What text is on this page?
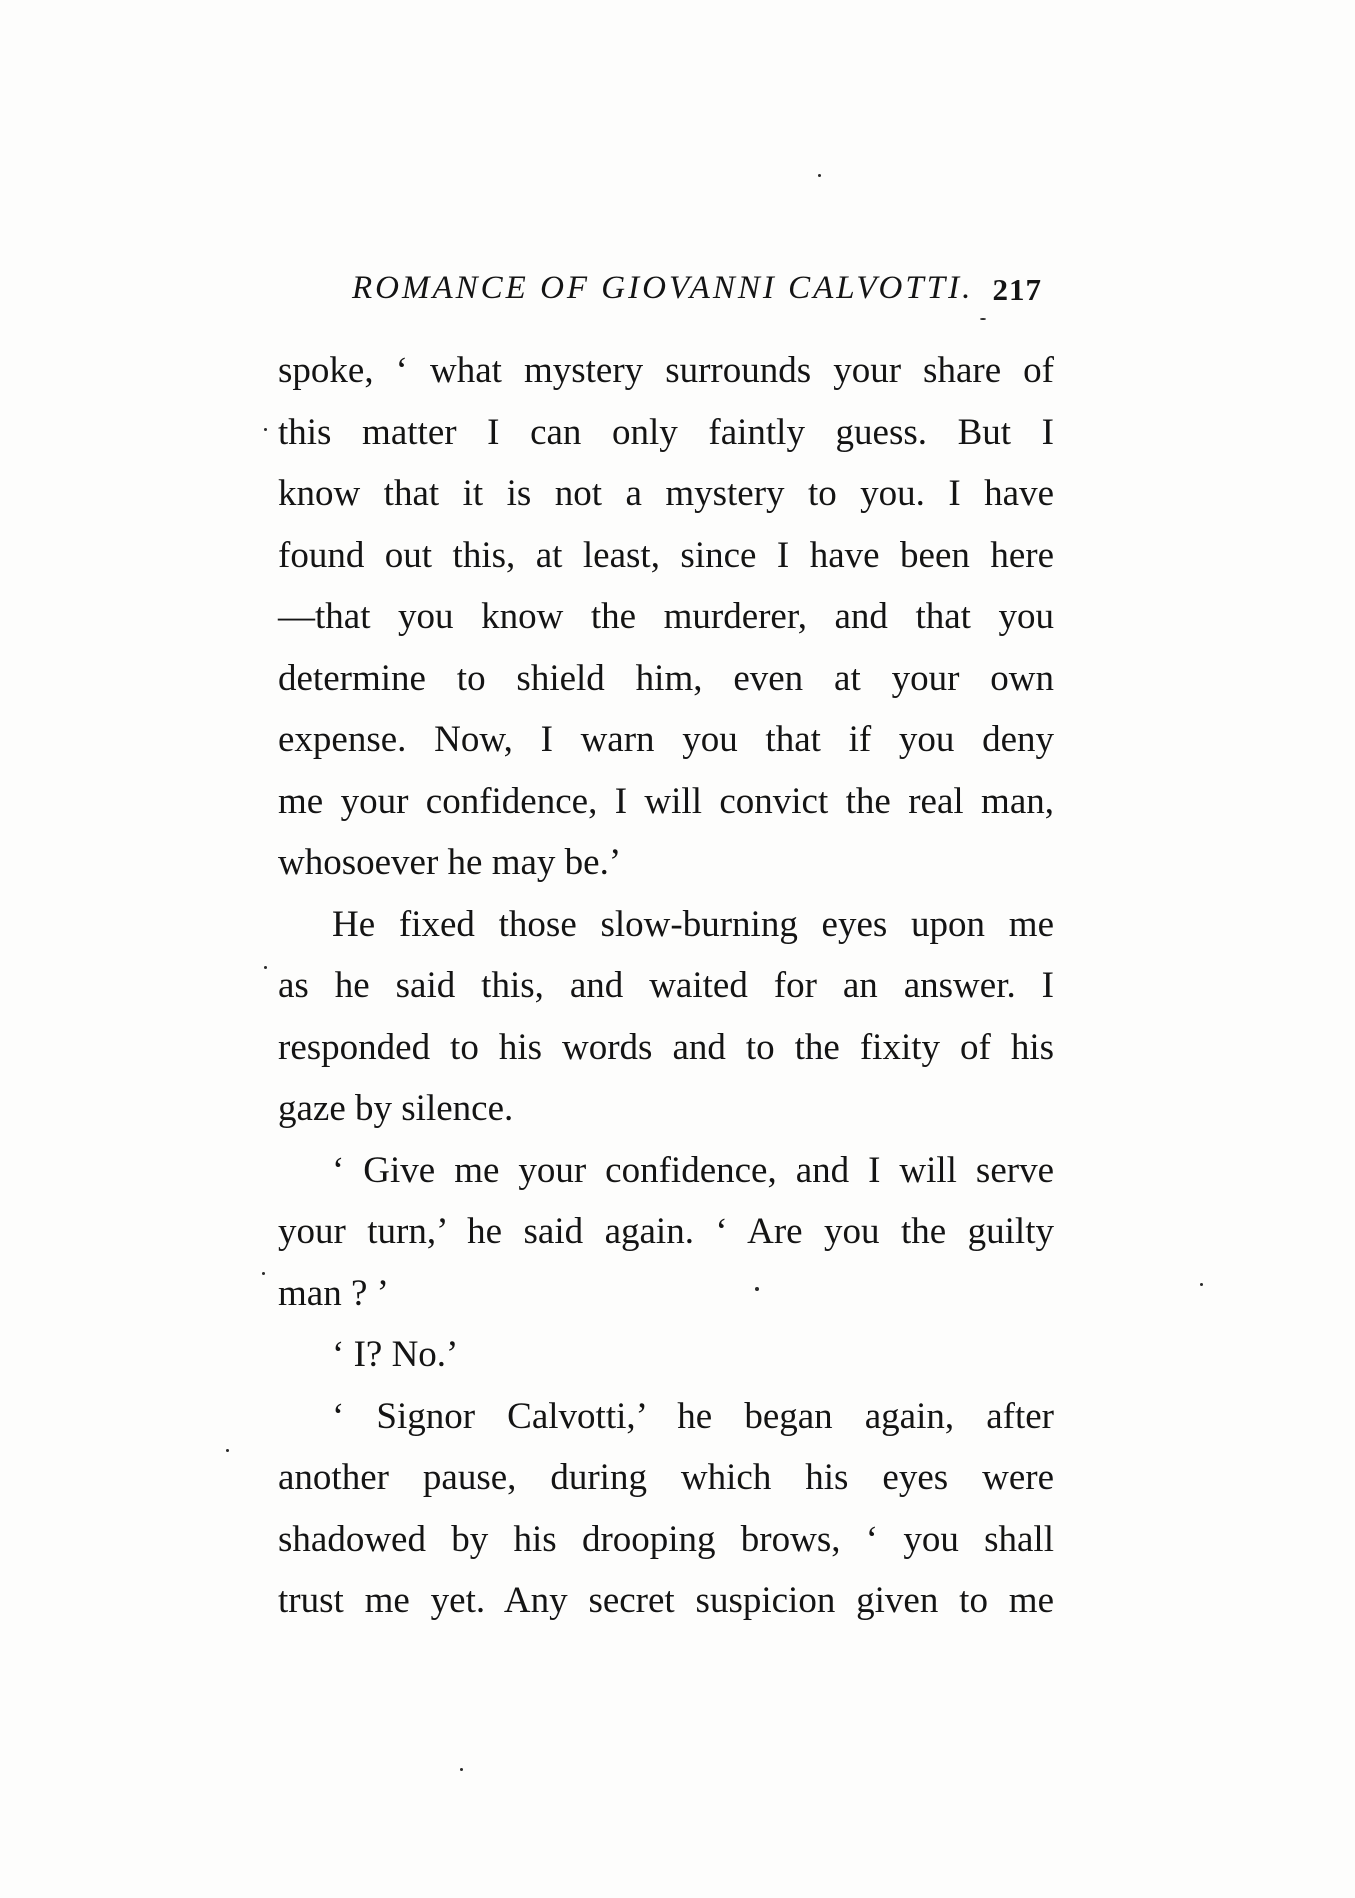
ROMANCE OF GIOVANNI CALVOTTI. 217
spoke, ‘ what mystery surrounds your share of
this matter I can only faintly guess. But I
know that it is not a mystery to you. I have
found out this, at least, since I have been here
—that you know the murderer, and that you
determine to shield him, even at your own
expense. Now, I warn you that if you deny
me your confidence, I will convict the real man,
whosoever he may be.’
He fixed those slow-burning eyes upon me
as he said this, and waited for an answer. I
responded to his words and to the fixity of his
gaze by silence.
‘ Give me your confidence, and I will serve
your turn,’ he said again. ‘ Are you the guilty
man ? ’
‘ I? No.’
‘ Signor Calvotti,’ he began again, after
another pause, during which his eyes were
shadowed by his drooping brows, ‘ you shall
trust me yet. Any secret suspicion given to me
